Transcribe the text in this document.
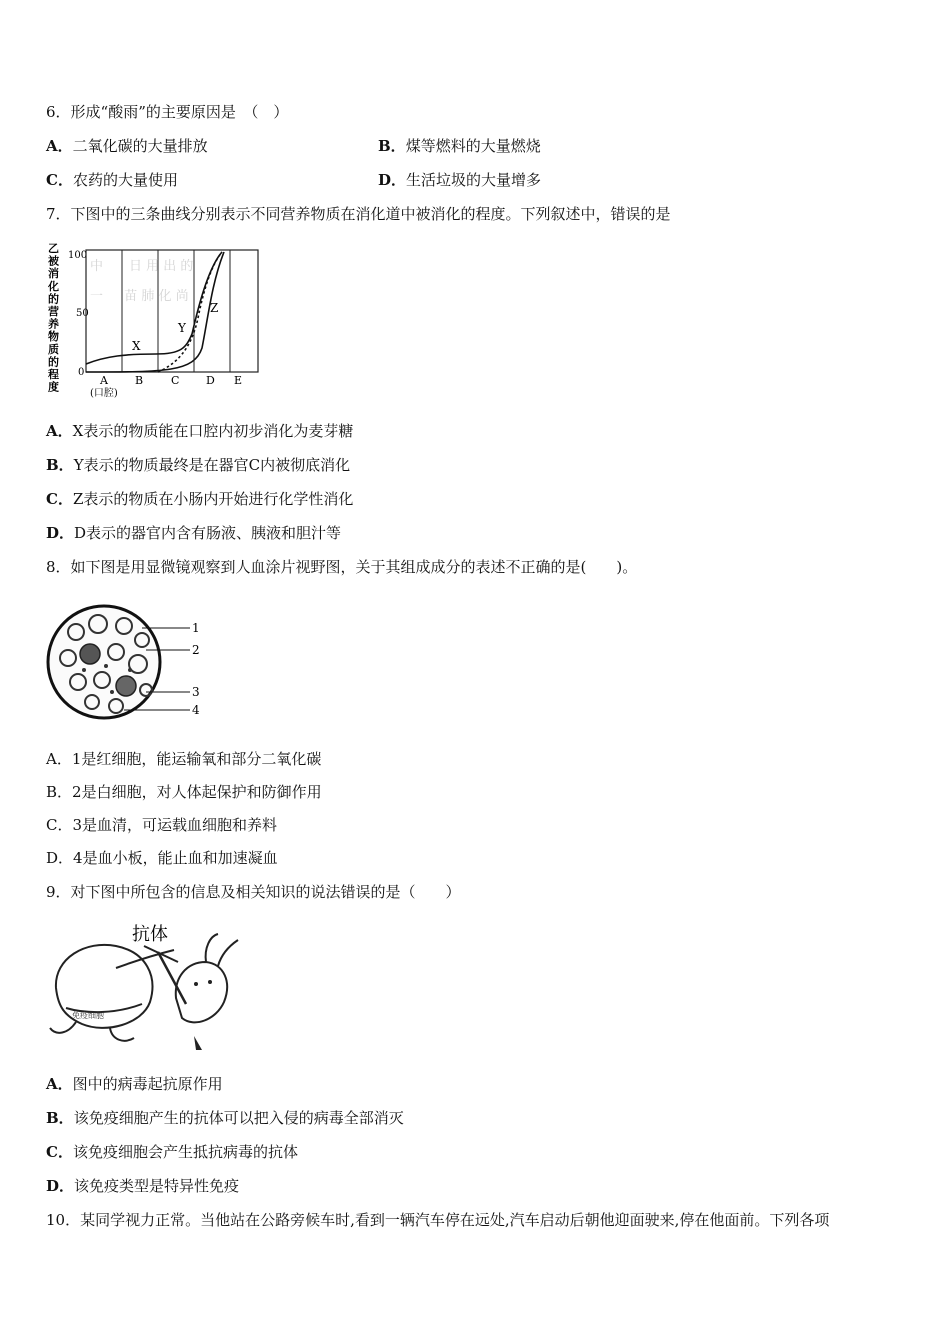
6．形成“酸雨”的主要原因是　（　）
A．二氧化碳的大量排放	B．煤等燃料的大量燃烧
C．农药的大量使用	D．生活垃圾的大量增多
7．下图中的三条曲线分别表示不同营养物质在消化道中被消化的程度。下列叙述中，错误的是
乙
被
消
化
的
营
养
物
质
的
程
度
100
50
0
中　　日 用 出 的
一 　 苗 肺 化 尚
X
Y
Z
A B	C D E
(口腔)
A．X表示的物质能在口腔内初步消化为麦芽糖
B．Y表示的物质最终是在器官C内被彻底消化
C．Z表示的物质在小肠内开始进行化学性消化
D．D表示的器官内含有肠液、胰液和胆汁等
8．如下图是用显微镜观察到人血涂片视野图，关于其组成成分的表述不正确的是(　　)。
1
2
3
4
A．1是红细胞，能运输氧和部分二氧化碳
B．2是白细胞，对人体起保护和防御作用
C．3是血清，可运载血细胞和养料
D．4是血小板，能止血和加速凝血
9．对下图中所包含的信息及相关知识的说法错误的是（　　）
抗体
免疫细胞
A．图中的病毒起抗原作用
B．该免疫细胞产生的抗体可以把入侵的病毒全部消灭
C．该免疫细胞会产生抵抗病毒的抗体
D．该免疫类型是特异性免疫
10．某同学视力正常。当他站在公路旁候车时,看到一辆汽车停在远处,汽车启动后朝他迎面驶来,停在他面前。下列各项
